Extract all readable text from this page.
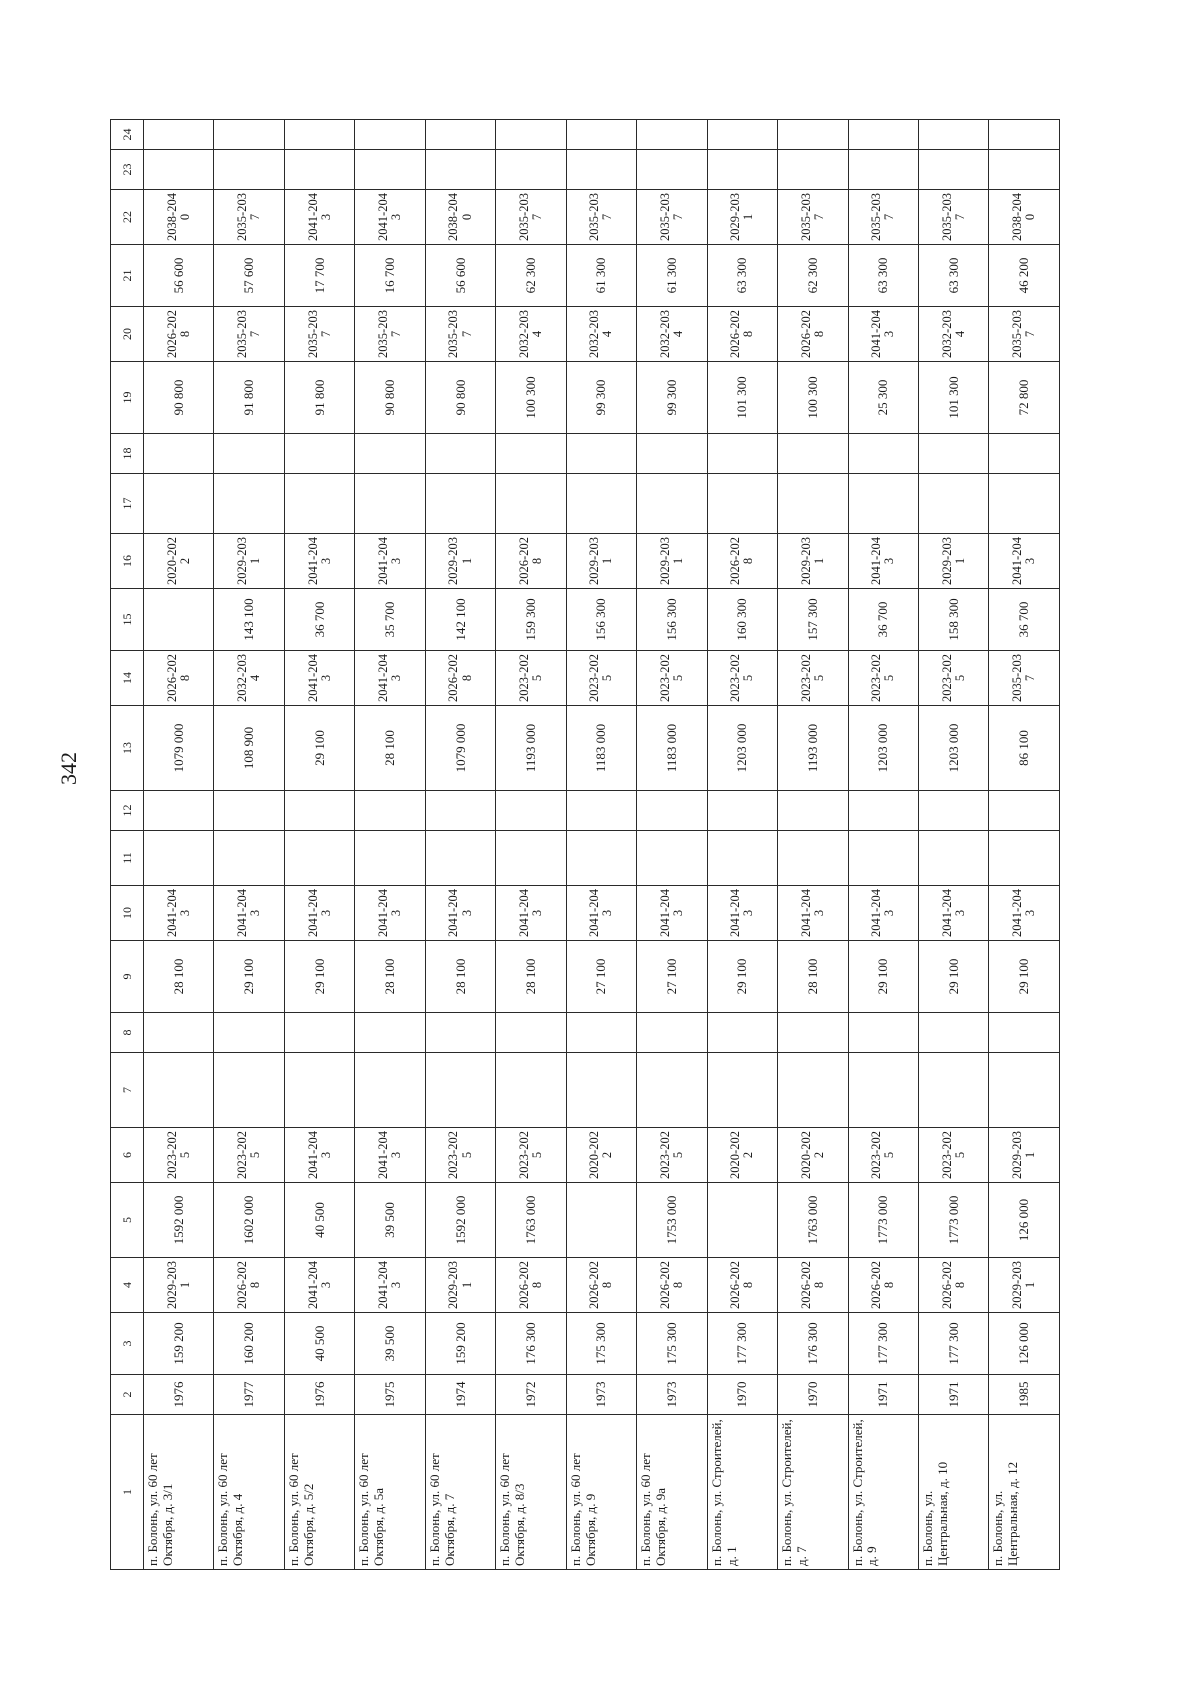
342
1	2	3	4	5	6	7	8	9	10	11	12	13	14	15	16	17	18	19	20	21	22	23	24
п. Болонь, ул. 60 лет Октября, д. 3/1	1976	159 200	2029-2031	1592 000	2023-2025			28 100	2041-2043			1079 000	2026-2028		2020-2022			90 800	2026-2028	56 600	2038-2040		
п. Болонь, ул. 60 лет Октября, д. 4	1977	160 200	2026-2028	1602 000	2023-2025			29 100	2041-2043			108 900	2032-2034	143 100	2029-2031			91 800	2035-2037	57 600	2035-2037		
п. Болонь, ул. 60 лет Октября, д. 5/2	1976	40 500	2041-2043	40 500	2041-2043			29 100	2041-2043			29 100	2041-2043	36 700	2041-2043			91 800	2035-2037	17 700	2041-2043		
п. Болонь, ул. 60 лет Октября, д. 5а	1975	39 500	2041-2043	39 500	2041-2043			28 100	2041-2043			28 100	2041-2043	35 700	2041-2043			90 800	2035-2037	16 700	2041-2043		
п. Болонь, ул. 60 лет Октября, д. 7	1974	159 200	2029-2031	1592 000	2023-2025			28 100	2041-2043			1079 000	2026-2028	142 100	2029-2031			90 800	2035-2037	56 600	2038-2040		
п. Болонь, ул. 60 лет Октября, д. 8/3	1972	176 300	2026-2028	1763 000	2023-2025			28 100	2041-2043			1193 000	2023-2025	159 300	2026-2028			100 300	2032-2034	62 300	2035-2037		
п. Болонь, ул. 60 лет Октября, д. 9	1973	175 300	2026-2028		2020-2022			27 100	2041-2043			1183 000	2023-2025	156 300	2029-2031			99 300	2032-2034	61 300	2035-2037		
п. Болонь, ул. 60 лет Октября, д. 9а	1973	175 300	2026-2028	1753 000	2023-2025			27 100	2041-2043			1183 000	2023-2025	156 300	2029-2031			99 300	2032-2034	61 300	2035-2037		
п. Болонь, ул. Строителей, д. 1	1970	177 300	2026-2028		2020-2022			29 100	2041-2043			1203 000	2023-2025	160 300	2026-2028			101 300	2026-2028	63 300	2029-2031		
п. Болонь, ул. Строителей, д. 7	1970	176 300	2026-2028	1763 000	2020-2022			28 100	2041-2043			1193 000	2023-2025	157 300	2029-2031			100 300	2026-2028	62 300	2035-2037		
п. Болонь, ул. Строителей, д. 9	1971	177 300	2026-2028	1773 000	2023-2025			29 100	2041-2043			1203 000	2023-2025	36 700	2041-2043			25 300	2041-2043	63 300	2035-2037		
п. Болонь, ул. Центральная, д. 10	1971	177 300	2026-2028	1773 000	2023-2025			29 100	2041-2043			1203 000	2023-2025	158 300	2029-2031			101 300	2032-2034	63 300	2035-2037		
п. Болонь, ул. Центральная, д. 12	1985	126 000	2029-2031	126 000	2029-2031			29 100	2041-2043			86 100	2035-2037	36 700	2041-2043			72 800	2035-2037	46 200	2038-2040		
